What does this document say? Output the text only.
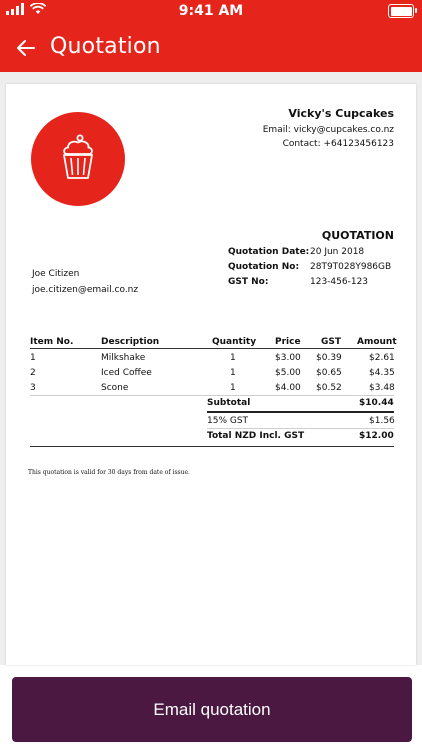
9:41 AM
Quotation
Vicky's Cupcakes
Email: vicky@cupcakes.co.nz
Contact: +64123456123
QUOTATION
Quotation Date: 20 Jun 2018
Quotation No: 28T9T028Y986GB
GST No:	123-456-123
Joe Citizen
joe.citizen@email.co.nz
Item No.	Description	Quantity Price GST Amount
1	Milkshake	1	$3.00 $0.39	$2.61
2	Iced Coffee	1	$5.00 $0.65	$4.35
3	Scone	1	$4.00 $0.52	$3.48
Subtotal	$10.44
15% GST	$1.56
Total NZD Incl. GST	$12.00
This quotation is valid for 30 days from date of issue.
Email quotation
